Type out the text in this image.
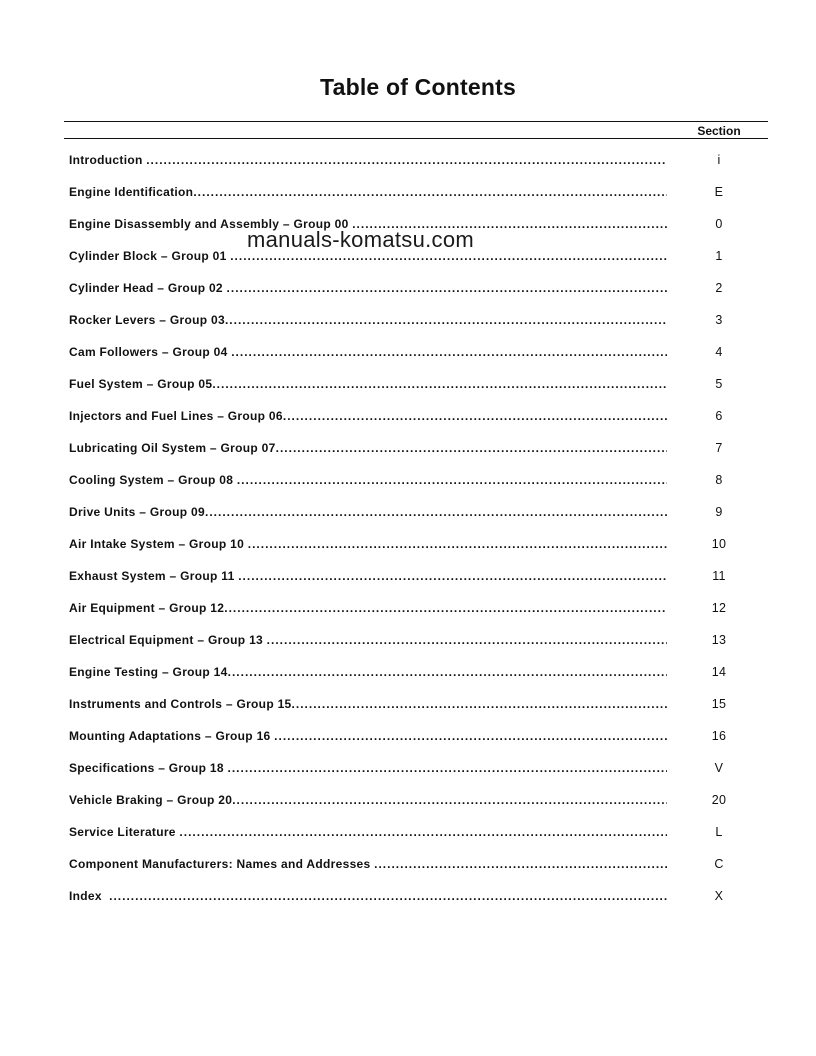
Table of Contents
Section
Introduction .....	i
Engine Identification .....	E
Engine Disassembly and Assembly – Group 00 .....	0
Cylinder Block – Group 01 .....	1
Cylinder Head – Group 02 .....	2
Rocker Levers – Group 03 .....	3
Cam Followers – Group 04 .....	4
Fuel System – Group 05 .....	5
Injectors and Fuel Lines – Group 06 .....	6
Lubricating Oil System – Group 07 .....	7
Cooling System – Group 08 .....	8
Drive Units – Group 09 .....	9
Air Intake System – Group 10 .....	10
Exhaust System – Group 11 .....	11
Air Equipment – Group 12 .....	12
Electrical Equipment – Group 13 .....	13
Engine Testing – Group 14 .....	14
Instruments and Controls – Group 15 .....	15
Mounting Adaptations – Group 16 .....	16
Specifications – Group 18 .....	V
Vehicle Braking – Group 20 .....	20
Service Literature .....	L
Component Manufacturers: Names and Addresses .....	C
Index .....	X
manuals-komatsu.com
